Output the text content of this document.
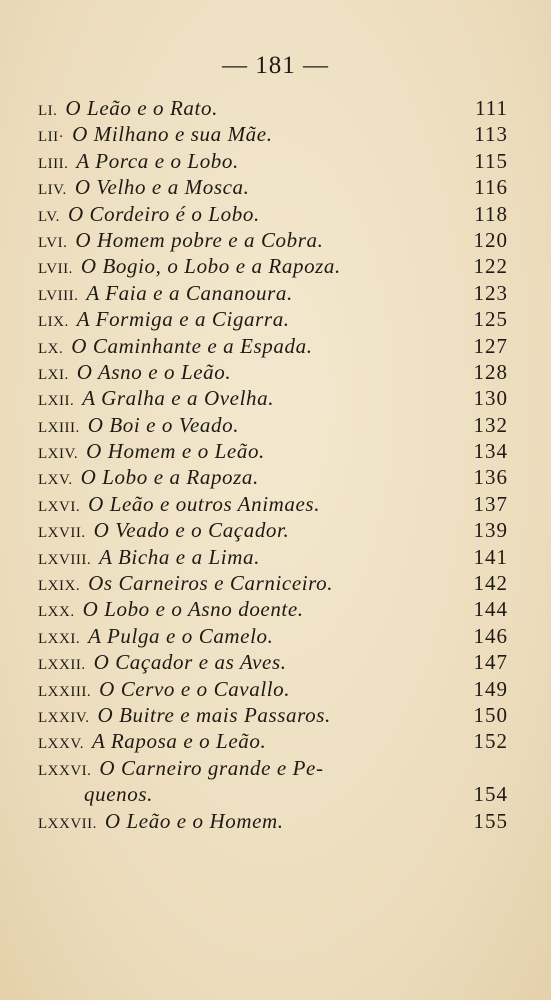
— 181 —
LI. O Leão e o Rato.	111
LII· O Milhano e sua Mãe.	113
LIII. A Porca e o Lobo.	115
LIV. O Velho e a Mosca.	116
LV. O Cordeiro é o Lobo.	118
LVI. O Homem pobre e a Cobra.	120
LVII. O Bogio, o Lobo e a Rapoza.	122
LVIII. A Faia e a Cananoura.	123
LIX. A Formiga e a Cigarra.	125
LX. O Caminhante e a Espada.	127
LXI. O Asno e o Leão.	128
LXII. A Gralha e a Ovelha.	130
LXIII. O Boi e o Veado.	132
LXIV. O Homem e o Leão.	134
LXV. O Lobo e a Rapoza.	136
LXVI. O Leão e outros Animaes.	137
LXVII. O Veado e o Caçador.	139
LXVIII. A Bicha e a Lima.	141
LXIX. Os Carneiros e Carniceiro.	142
LXX. O Lobo e o Asno doente.	144
LXXI. A Pulga e o Camelo.	146
LXXII. O Caçador e as Aves.	147
LXXIII. O Cervo e o Cavallo.	149
LXXIV. O Buitre e mais Passaros.	150
LXXV. A Raposa e o Leão.	152
LXXVI. O Carneiro grande e Pe-
quenos.	154
LXXVII. O Leão e o Homem.	155
